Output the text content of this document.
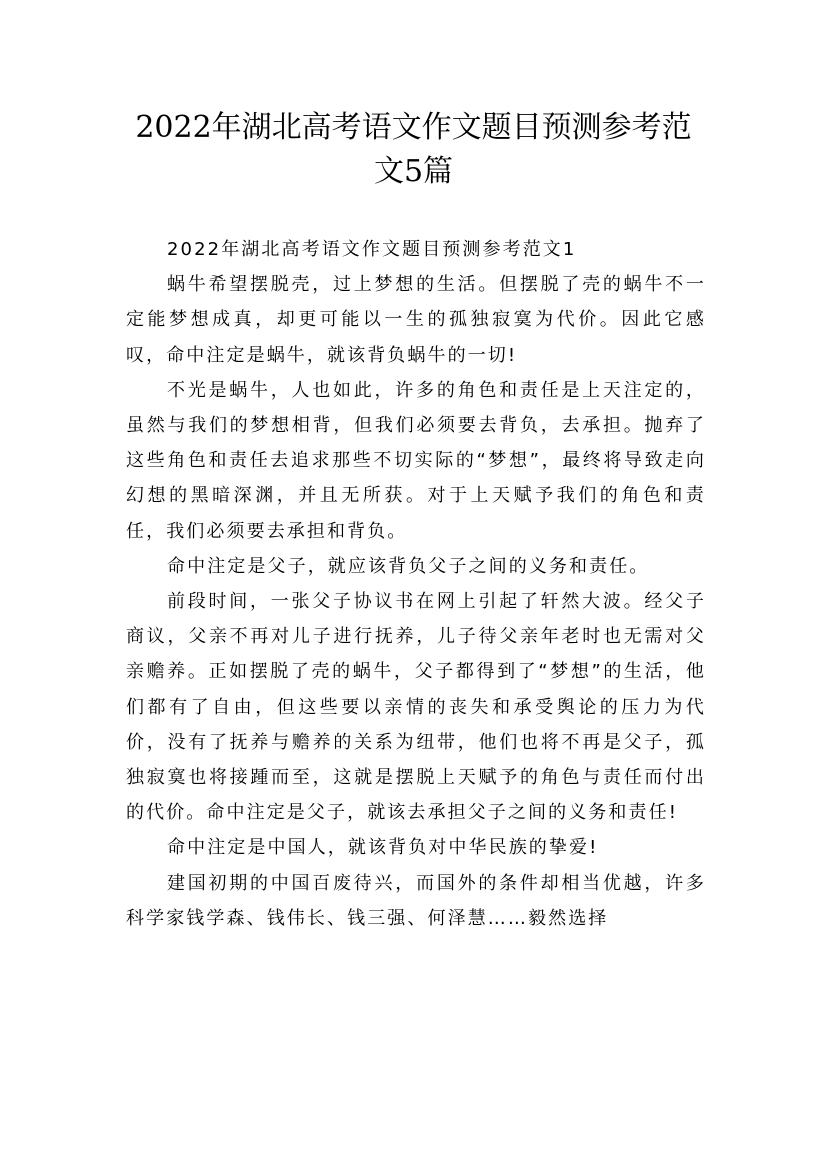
2022年湖北高考语文作文题目预测参考范
文5篇

2022年湖北高考语文作文题目预测参考范文1

蜗牛希望摆脱壳，过上梦想的生活。但摆脱了壳的蜗牛不一定能梦想成真，却更可能以一生的孤独寂寞为代价。因此它感叹，命中注定是蜗牛，就该背负蜗牛的一切!

不光是蜗牛，人也如此，许多的角色和责任是上天注定的，虽然与我们的梦想相背，但我们必须要去背负，去承担。抛弃了这些角色和责任去追求那些不切实际的“梦想”，最终将导致走向幻想的黑暗深渊，并且无所获。对于上天赋予我们的角色和责任，我们必须要去承担和背负。

命中注定是父子，就应该背负父子之间的义务和责任。

前段时间，一张父子协议书在网上引起了轩然大波。经父子商议，父亲不再对儿子进行抚养，儿子待父亲年老时也无需对父亲赡养。正如摆脱了壳的蜗牛，父子都得到了“梦想”的生活，他们都有了自由，但这些要以亲情的丧失和承受舆论的压力为代价，没有了抚养与赡养的关系为纽带，他们也将不再是父子，孤独寂寞也将接踵而至，这就是摆脱上天赋予的角色与责任而付出的代价。命中注定是父子，就该去承担父子之间的义务和责任!

命中注定是中国人，就该背负对中华民族的挚爱!

建国初期的中国百废待兴，而国外的条件却相当优越，许多科学家钱学森、钱伟长、钱三强、何泽慧……毅然选择
